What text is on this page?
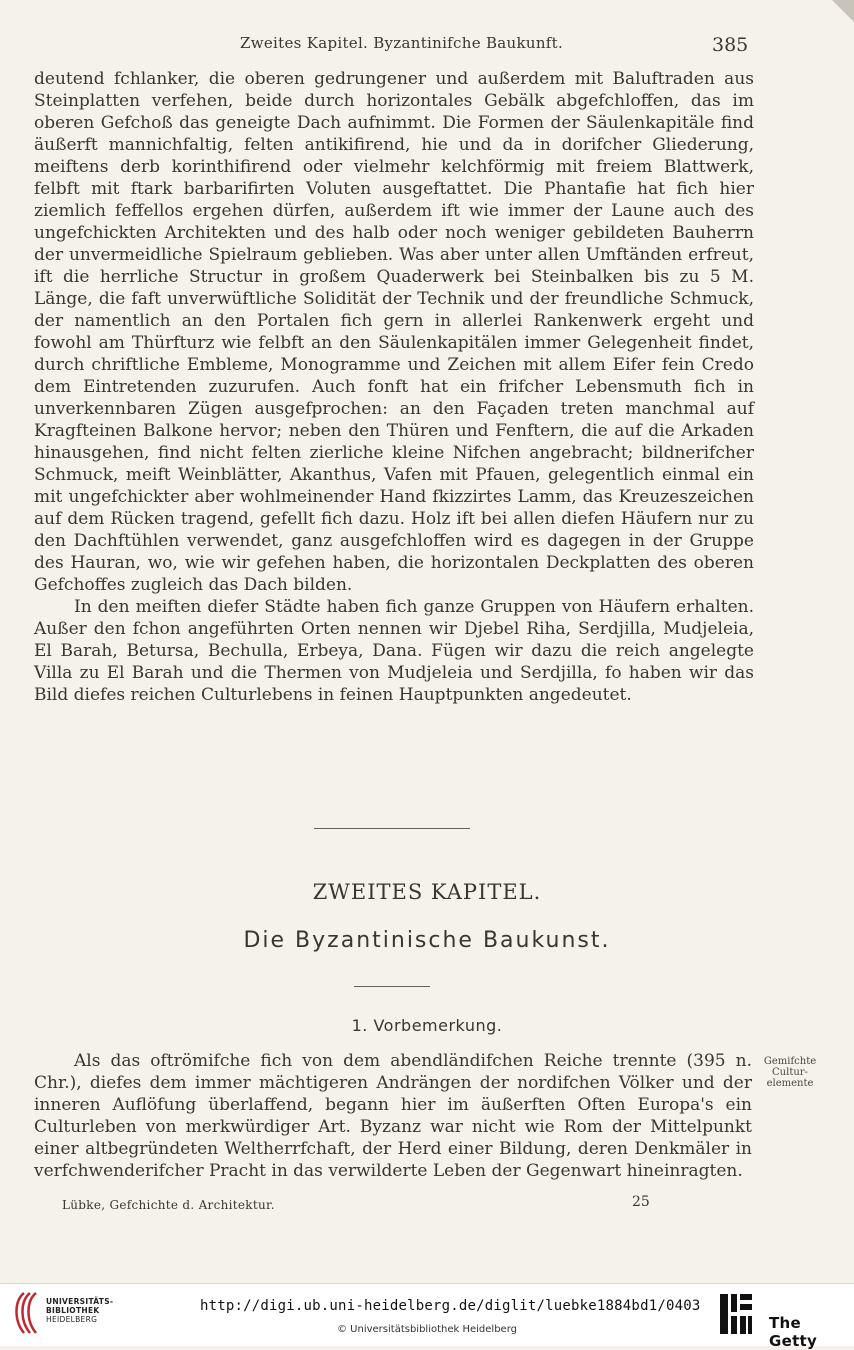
Zweites Kapitel. Byzantinifche Baukunft.	385

deutend fchlanker, die oberen gedrungener und außerdem mit Baluftraden aus Steinplatten verfehen, beide durch horizontales Gebälk abgefchloffen, das im oberen Gefchoß das geneigte Dach aufnimmt. Die Formen der Säulenkapitäle find äußerft mannichfaltig, felten antikifirend, hie und da in dorifcher Gliederung, meiftens derb korinthifirend oder vielmehr kelchförmig mit freiem Blattwerk, felbft mit ftark barbarifirten Voluten ausgeftattet. Die Phantafie hat fich hier ziemlich feffellos ergehen dürfen, außerdem ift wie immer der Laune auch des ungefchickten Architekten und des halb oder noch weniger gebildeten Bauherrn der unvermeidliche Spielraum geblieben. Was aber unter allen Umftänden erfreut, ift die herrliche Structur in großem Quaderwerk bei Steinbalken bis zu 5 M. Länge, die faft unverwüftliche Solidität der Technik und der freundliche Schmuck, der namentlich an den Portalen fich gern in allerlei Rankenwerk ergeht und fowohl am Thürfturz wie felbft an den Säulenkapitälen immer Gelegenheit findet, durch chriftliche Embleme, Monogramme und Zeichen mit allem Eifer fein Credo dem Eintretenden zuzurufen. Auch fonft hat ein frifcher Lebensmuth fich in unverkennbaren Zügen ausgefprochen: an den Façaden treten manchmal auf Kragfteinen Balkone hervor; neben den Thüren und Fenftern, die auf die Arkaden hinausgehen, find nicht felten zierliche kleine Nifchen angebracht; bildnerifcher Schmuck, meift Weinblätter, Akanthus, Vafen mit Pfauen, gelegentlich einmal ein mit ungefchickter aber wohlmeinender Hand fkizzirtes Lamm, das Kreuzeszeichen auf dem Rücken tragend, gefellt fich dazu. Holz ift bei allen diefen Häufern nur zu den Dachftühlen verwendet, ganz ausgefchloffen wird es dagegen in der Gruppe des Hauran, wo, wie wir gefehen haben, die horizontalen Deckplatten des oberen Gefchoffes zugleich das Dach bilden.

In den meiften diefer Städte haben fich ganze Gruppen von Häufern erhalten. Außer den fchon angeführten Orten nennen wir Djebel Riha, Serdjilla, Mudjeleia, El Barah, Betursa, Bechulla, Erbeya, Dana. Fügen wir dazu die reich angelegte Villa zu El Barah und die Thermen von Mudjeleia und Serdjilla, fo haben wir das Bild diefes reichen Culturlebens in feinen Hauptpunkten angedeutet.

ZWEITES KAPITEL.
Die Byzantinische Baukunst.
1. Vorbemerkung.

Als das oftrömifche fich von dem abendländifchen Reiche trennte (395 n. Chr.), diefes dem immer mächtigeren Andrängen der nordifchen Völker und der inneren Auflöfung überlaffend, begann hier im äußerften Often Europa's ein Culturleben von merkwürdiger Art. Byzanz war nicht wie Rom der Mittelpunkt einer altbegründeten Weltherrfchaft, der Herd einer Bildung, deren Denkmäler in verfchwenderifcher Pracht in das verwilderte Leben der Gegenwart hineinragten.

Gemifchte
Cultur-
elemente
Lübke, Gefchichte d. Architektur.	25
UNIVERSITÄTS-
BIBLIOTHEK
HEIDELBERG
http://digi.ub.uni-heidelberg.de/diglit/luebke1884bd1/0403
© Universitätsbibliothek Heidelberg	The Getty
